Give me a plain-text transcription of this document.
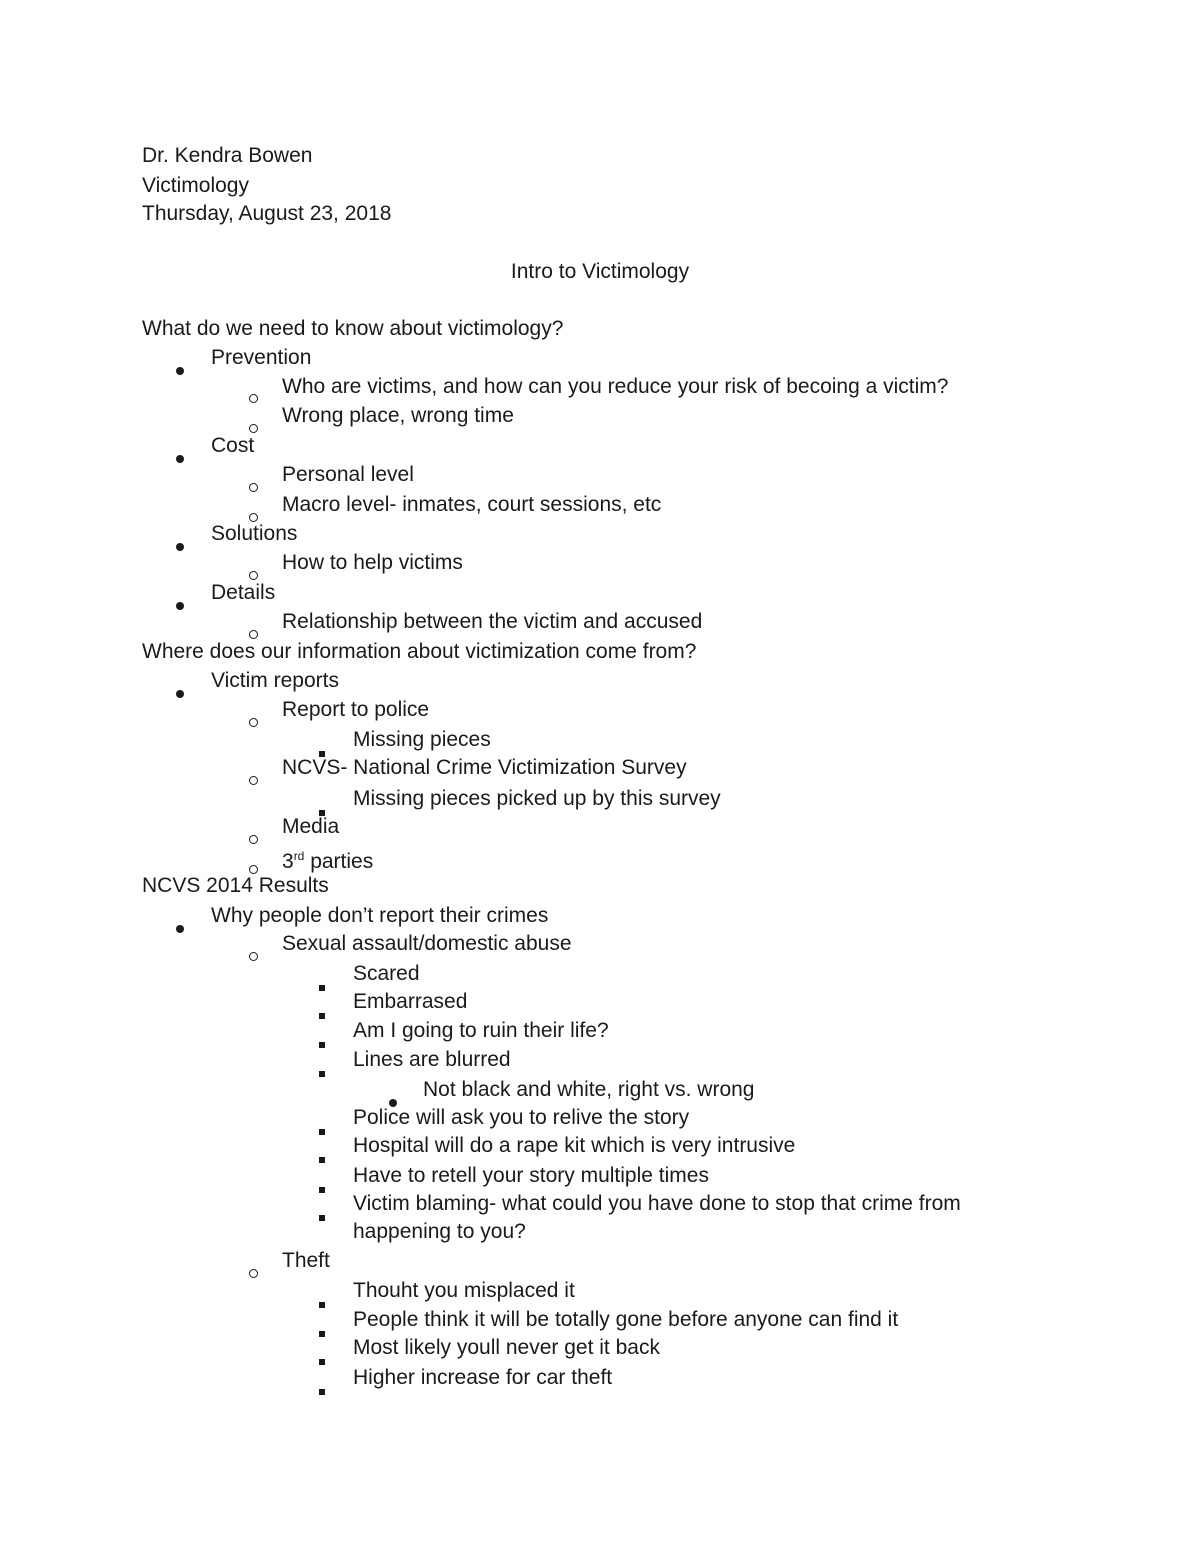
Dr. Kendra Bowen
Victimology
Thursday, August 23, 2018
Intro to Victimology
What do we need to know about victimology?
Prevention
Who are victims, and how can you reduce your risk of becoing a victim?
Wrong place, wrong time
Cost
Personal level
Macro level- inmates, court sessions, etc
Solutions
How to help victims
Details
Relationship between the victim and accused
Where does our information about victimization come from?
Victim reports
Report to police
Missing pieces
NCVS- National Crime Victimization Survey
Missing pieces picked up by this survey
Media
3rd parties
NCVS 2014 Results
Why people don’t report their crimes
Sexual assault/domestic abuse
Scared
Embarrased
Am I going to ruin their life?
Lines are blurred
Not black and white, right vs. wrong
Police will ask you to relive the story
Hospital will do a rape kit which is very intrusive
Have to retell your story multiple times
Victim blaming- what could you have done to stop that crime from
happening to you?
Theft
Thouht you misplaced it
People think it will be totally gone before anyone can find it
Most likely youll never get it back
Higher increase for car theft
